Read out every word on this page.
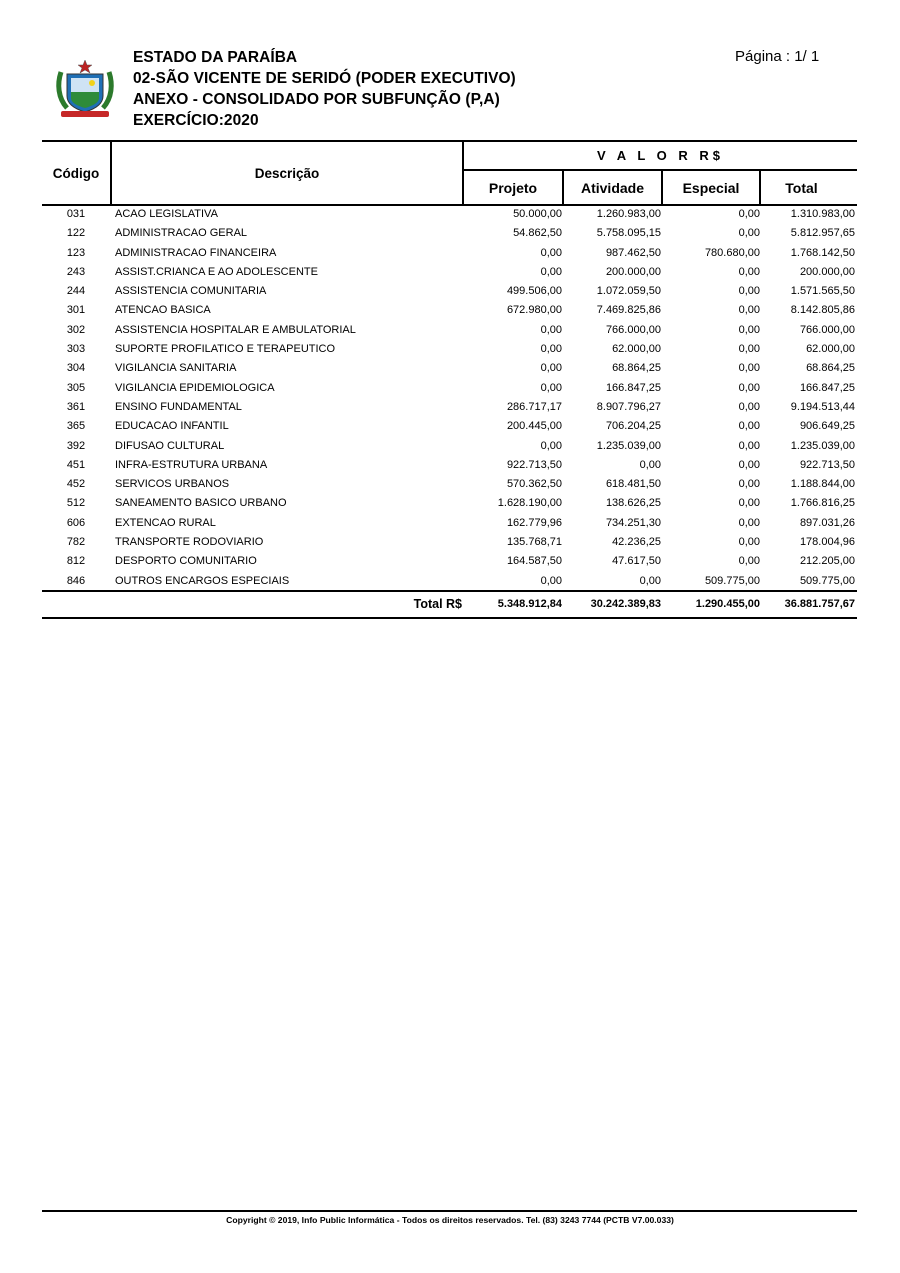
ESTADO DA PARAÍBA
02-SÃO VICENTE DE SERIDÓ (PODER EXECUTIVO)
ANEXO - CONSOLIDADO POR SUBFUNÇÃO (P,A)
EXERCÍCIO:2020
Página : 1/ 1
Código	Descrição
V A L O R R$
Projeto	Atividade	Especial	Total
031	ACAO LEGISLATIVA	50.000,00	1.260.983,00	0,00	1.310.983,00
122	ADMINISTRACAO GERAL	54.862,50	5.758.095,15	0,00	5.812.957,65
123	ADMINISTRACAO FINANCEIRA	0,00	987.462,50	780.680,00	1.768.142,50
243	ASSIST.CRIANCA E AO ADOLESCENTE	0,00	200.000,00	0,00	200.000,00
244	ASSISTENCIA COMUNITARIA	499.506,00	1.072.059,50	0,00	1.571.565,50
301	ATENCAO BASICA	672.980,00	7.469.825,86	0,00	8.142.805,86
302	ASSISTENCIA HOSPITALAR E AMBULATORIAL	0,00	766.000,00	0,00	766.000,00
303	SUPORTE PROFILATICO E TERAPEUTICO	0,00	62.000,00	0,00	62.000,00
304	VIGILANCIA SANITARIA	0,00	68.864,25	0,00	68.864,25
305	VIGILANCIA EPIDEMIOLOGICA	0,00	166.847,25	0,00	166.847,25
361	ENSINO FUNDAMENTAL	286.717,17	8.907.796,27	0,00	9.194.513,44
365	EDUCACAO INFANTIL	200.445,00	706.204,25	0,00	906.649,25
392	DIFUSAO CULTURAL	0,00	1.235.039,00	0,00	1.235.039,00
451	INFRA-ESTRUTURA URBANA	922.713,50	0,00	0,00	922.713,50
452	SERVICOS URBANOS	570.362,50	618.481,50	0,00	1.188.844,00
512	SANEAMENTO BASICO URBANO	1.628.190,00	138.626,25	0,00	1.766.816,25
606	EXTENCAO RURAL	162.779,96	734.251,30	0,00	897.031,26
782	TRANSPORTE RODOVIARIO	135.768,71	42.236,25	0,00	178.004,96
812	DESPORTO COMUNITARIO	164.587,50	47.617,50	0,00	212.205,00
846	OUTROS ENCARGOS ESPECIAIS	0,00	0,00	509.775,00	509.775,00
Total R$	5.348.912,84	30.242.389,83	1.290.455,00 36.881.757,67
Copyright © 2019, Info Public Informática - Todos os direitos reservados. Tel. (83) 3243 7744 (PCTB V7.00.033)
